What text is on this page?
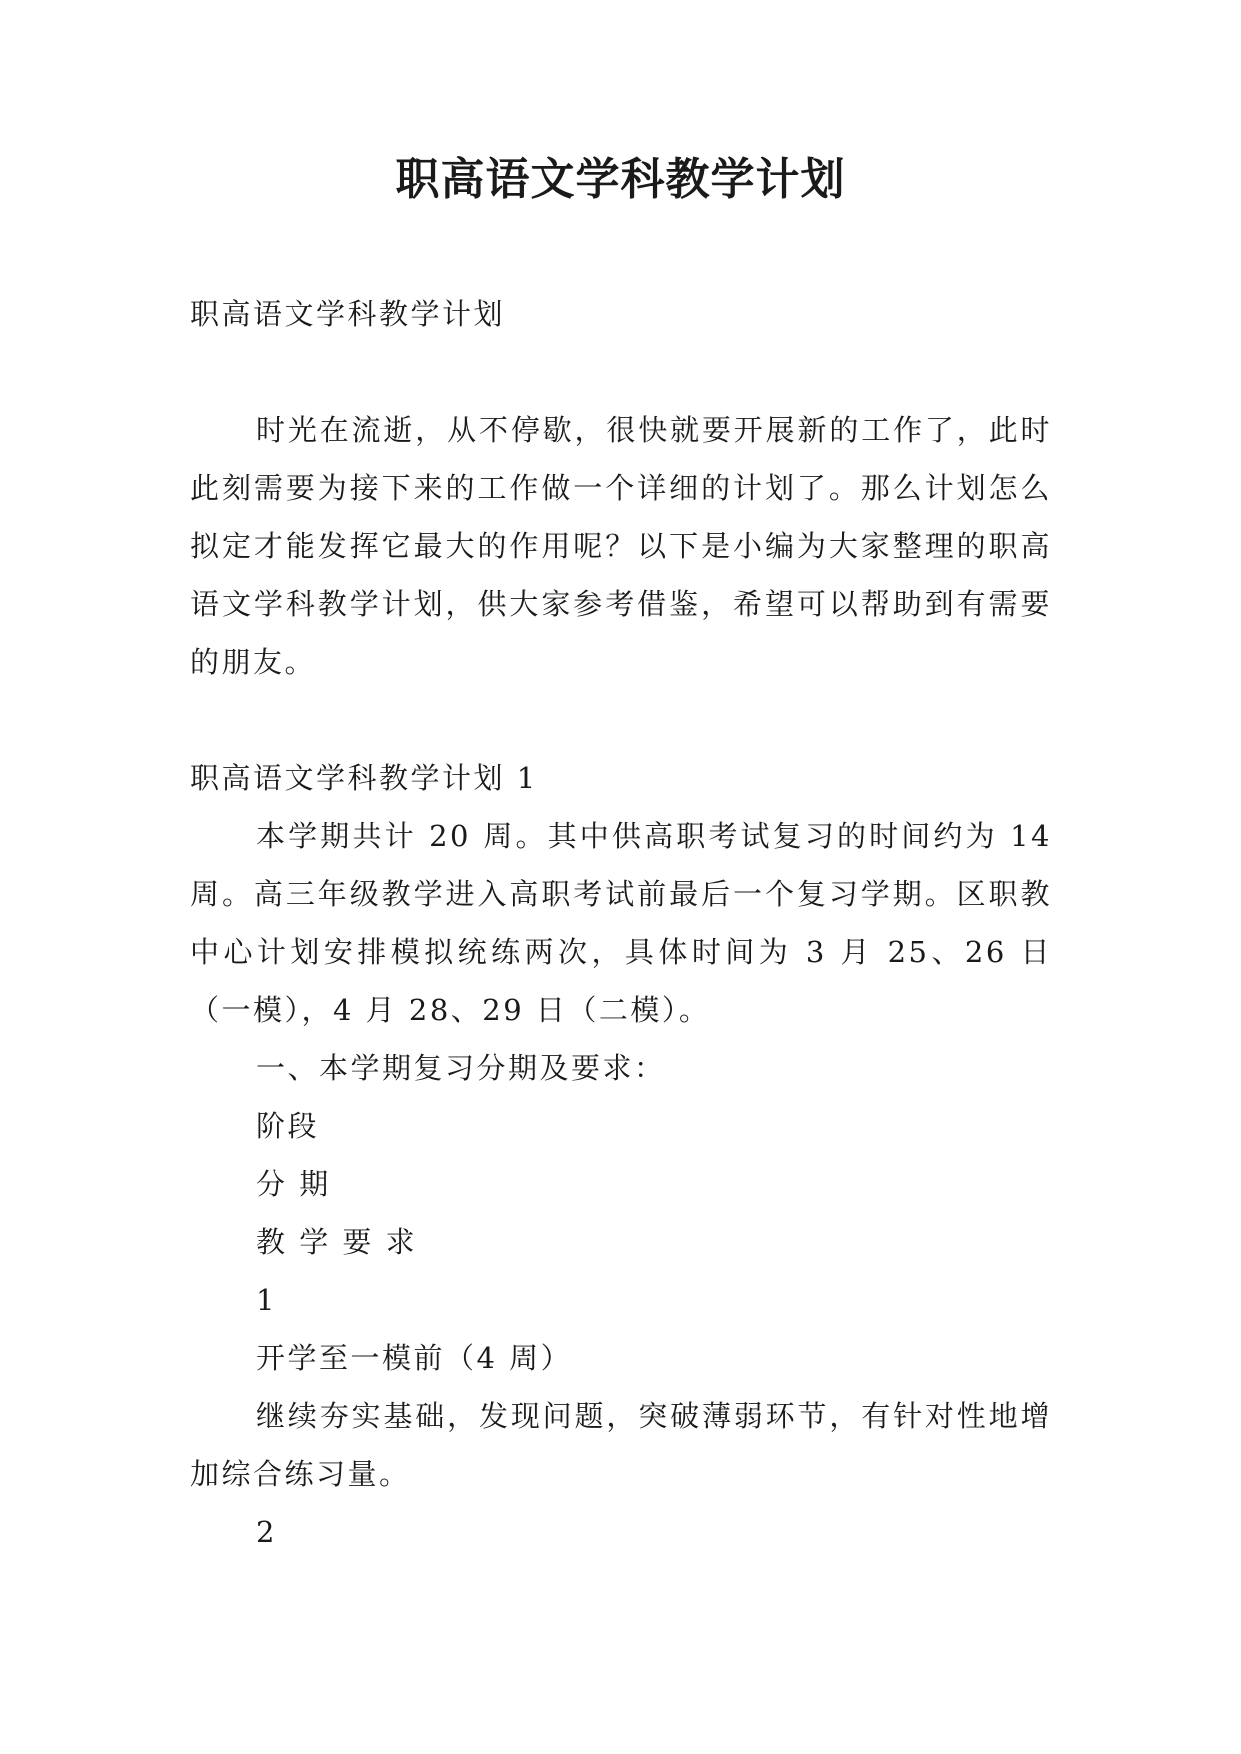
职高语文学科教学计划

职高语文学科教学计划

时光在流逝，从不停歇，很快就要开展新的工作了，此时此刻需要为接下来的工作做一个详细的计划了。那么计划怎么拟定才能发挥它最大的作用呢？以下是小编为大家整理的职高语文学科教学计划，供大家参考借鉴，希望可以帮助到有需要的朋友。

职高语文学科教学计划 1

本学期共计 20 周。其中供高职考试复习的时间约为 14 周。高三年级教学进入高职考试前最后一个复习学期。区职教中心计划安排模拟统练两次，具体时间为 3 月 25、26 日（一模），4 月 28、29 日（二模）。

一、本学期复习分期及要求：

阶段

分 期

教 学 要 求

1

开学至一模前（4 周）

继续夯实基础，发现问题，突破薄弱环节，有针对性地增加综合练习量。

2
